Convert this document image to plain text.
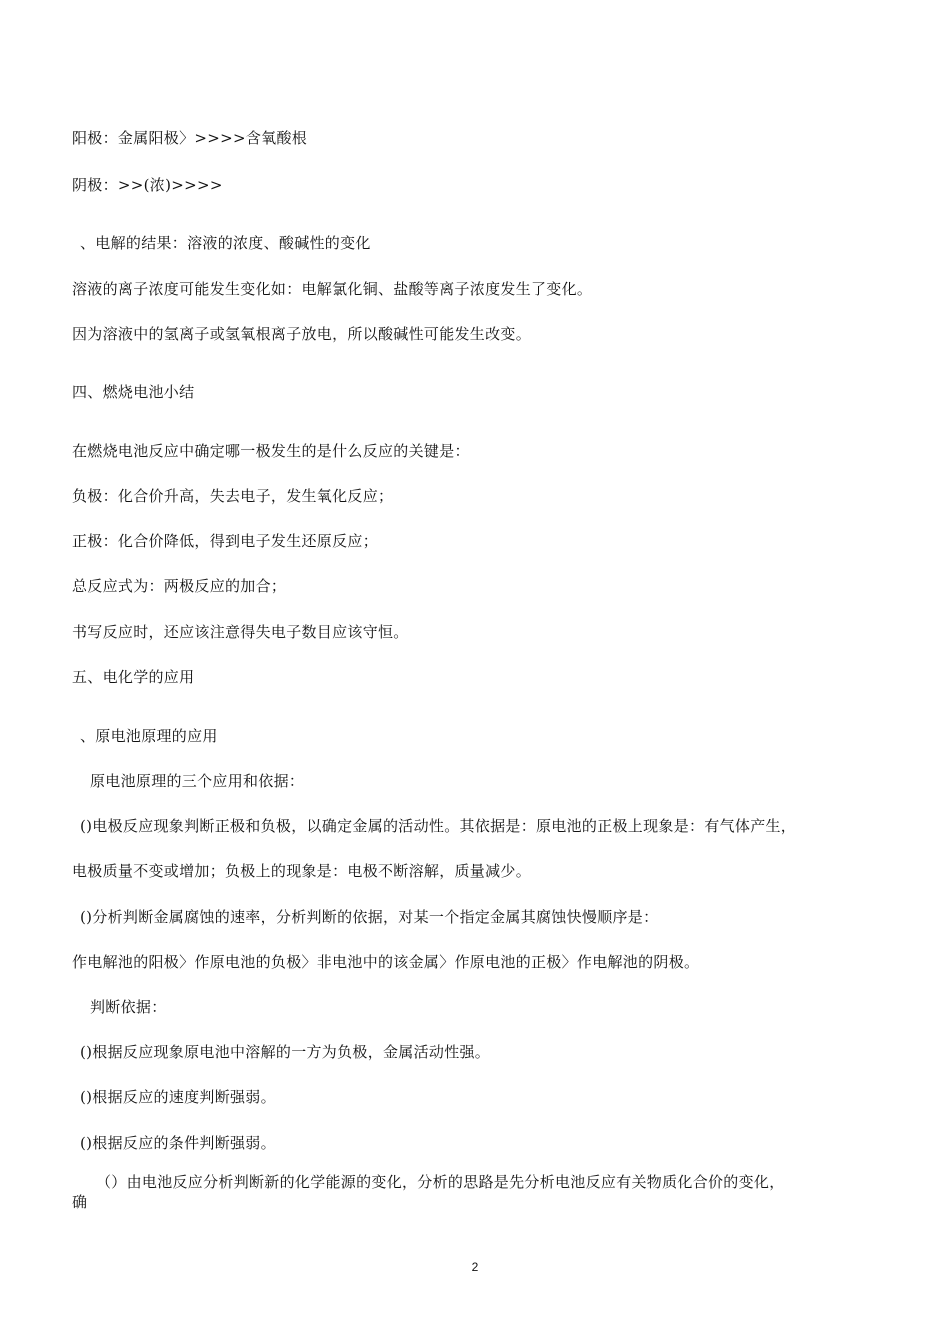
阳极：金属阳极〉>>>>含氧酸根
阴极：>>(浓)>>>>
、电解的结果：溶液的浓度、酸碱性的变化
溶液的离子浓度可能发生变化如：电解氯化铜、盐酸等离子浓度发生了变化。
因为溶液中的氢离子或氢氧根离子放电，所以酸碱性可能发生改变。
四、燃烧电池小结
在燃烧电池反应中确定哪一极发生的是什么反应的关键是：
负极：化合价升高，失去电子，发生氧化反应；
正极：化合价降低，得到电子发生还原反应；
总反应式为：两极反应的加合；
书写反应时，还应该注意得失电子数目应该守恒。
五、电化学的应用
、原电池原理的应用
原电池原理的三个应用和依据：
()电极反应现象判断正极和负极，以确定金属的活动性。其依据是：原电池的正极上现象是：有气体产生，
电极质量不变或增加；负极上的现象是：电极不断溶解，质量减少。
()分析判断金属腐蚀的速率，分析判断的依据，对某一个指定金属其腐蚀快慢顺序是：
作电解池的阳极〉作原电池的负极〉非电池中的该金属〉作原电池的正极〉作电解池的阴极。
判断依据：
()根据反应现象原电池中溶解的一方为负极，金属活动性强。
()根据反应的速度判断强弱。
()根据反应的条件判断强弱。
（）由电池反应分析判断新的化学能源的变化，分析的思路是先分析电池反应有关物质化合价的变化，
确
2
